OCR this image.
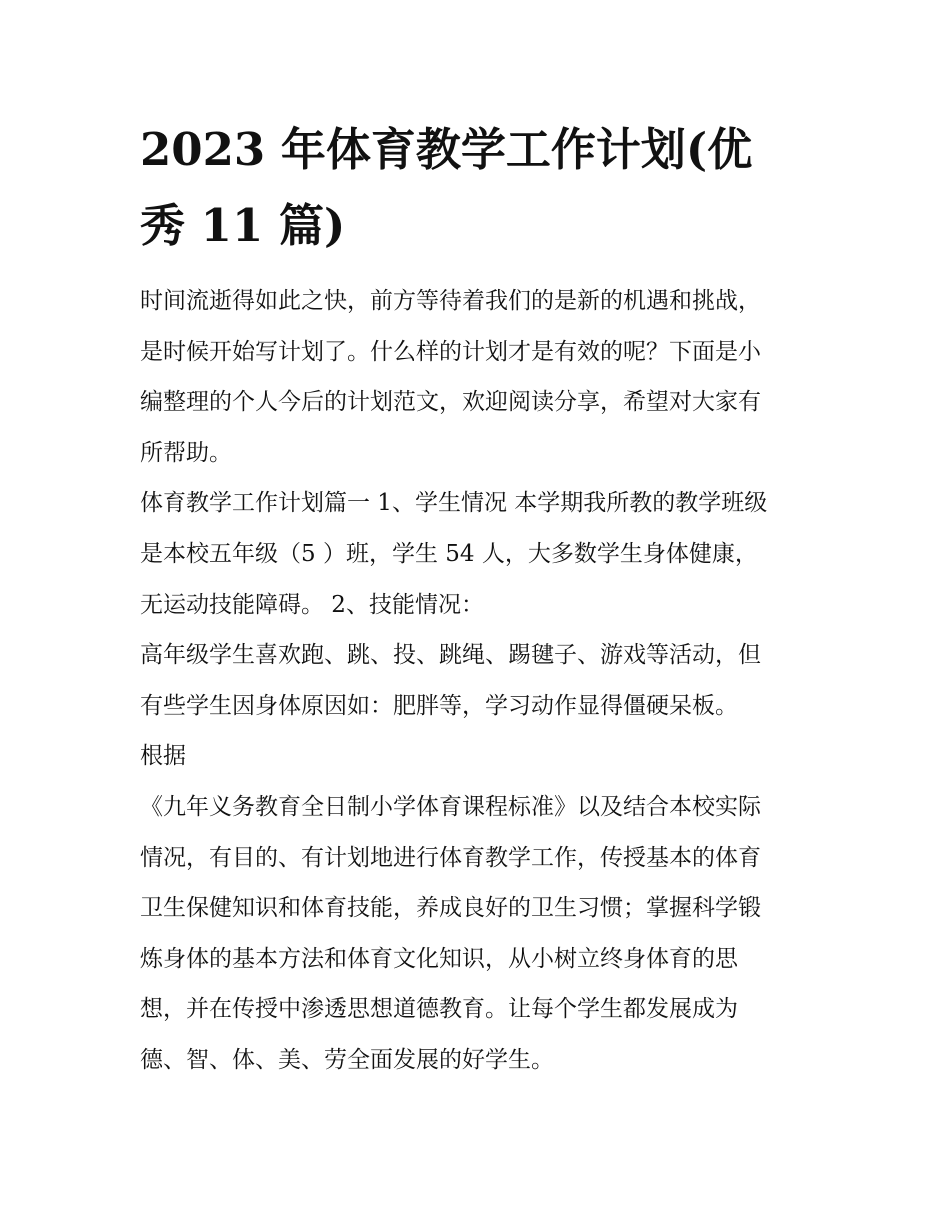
2023 年体育教学工作计划(优
秀 11 篇)
时间流逝得如此之快，前方等待着我们的是新的机遇和挑战，
是时候开始写计划了。什么样的计划才是有效的呢？下面是小
编整理的个人今后的计划范文，欢迎阅读分享，希望对大家有
所帮助。
体育教学工作计划篇一 1、学生情况 本学期我所教的教学班级
是本校五年级（5 ）班，学生 54 人，大多数学生身体健康，
无运动技能障碍。 2、技能情况：
高年级学生喜欢跑、跳、投、跳绳、踢毽子、游戏等活动，但
有些学生因身体原因如：肥胖等，学习动作显得僵硬呆板。
根据
《九年义务教育全日制小学体育课程标准》以及结合本校实际
情况，有目的、有计划地进行体育教学工作，传授基本的体育
卫生保健知识和体育技能，养成良好的卫生习惯；掌握科学锻
炼身体的基本方法和体育文化知识，从小树立终身体育的思
想，并在传授中渗透思想道德教育。让每个学生都发展成为
德、智、体、美、劳全面发展的好学生。
